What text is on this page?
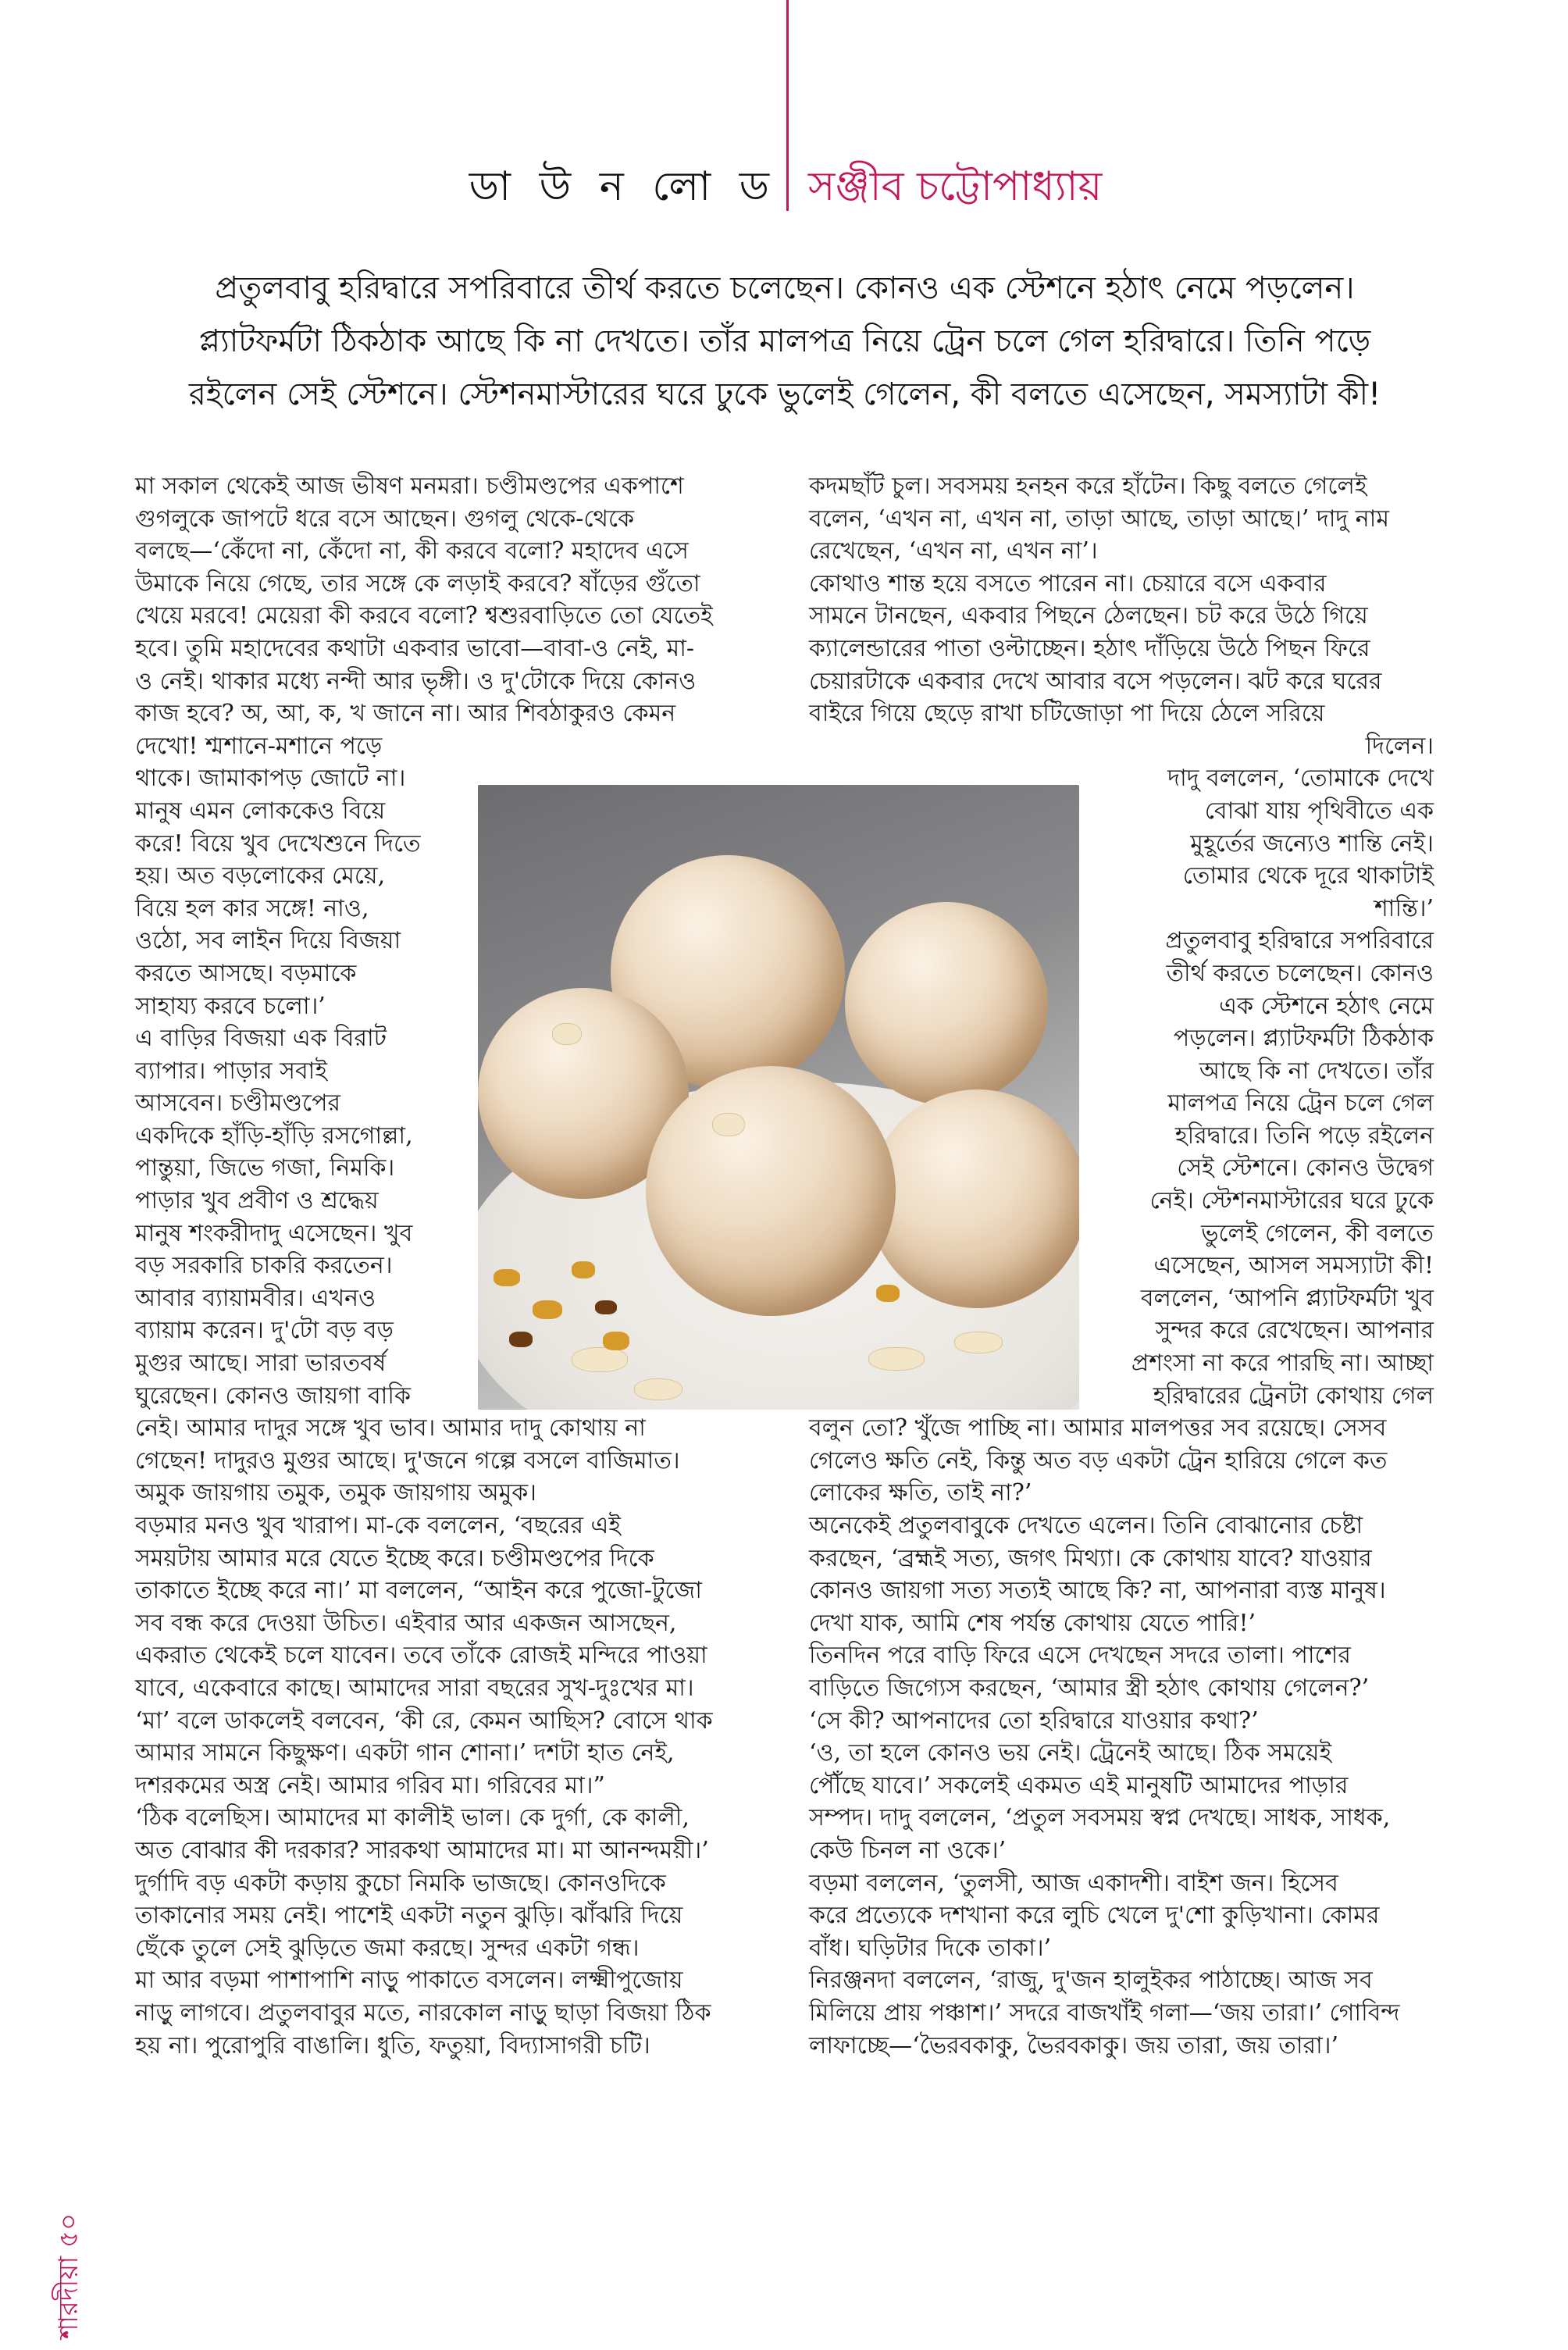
ডা উ ন লো ড সঞ্জীব চট্টোপাধ্যায়

প্রতুলবাবু হরিদ্বারে সপরিবারে তীর্থ করতে চলেছেন। কোনও এক স্টেশনে হঠাৎ নেমে পড়লেন।

প্ল্যাটফর্মটা ঠিকঠাক আছে কি না দেখতে। তাঁর মালপত্র নিয়ে ট্রেন চলে গেল হরিদ্বারে। তিনি পড়ে

রইলেন সেই স্টেশনে। স্টেশনমাস্টারের ঘরে ঢুকে ভুলেই গেলেন, কী বলতে এসেছেন, সমস্যাটা কী!

মা সকাল থেকেই আজ ভীষণ মনমরা। চণ্ডীমণ্ডপের একপাশে

গুগলুকে জাপটে ধরে বসে আছেন। গুগলু থেকে-থেকে

বলছে—‘কেঁদো না, কেঁদো না, কী করবে বলো? মহাদেব এসে

উমাকে নিয়ে গেছে, তার সঙ্গে কে লড়াই করবে? ষাঁড়ের গুঁতো

খেয়ে মরবে! মেয়েরা কী করবে বলো? শ্বশুরবাড়িতে তো যেতেই

হবে। তুমি মহাদেবের কথাটা একবার ভাবো—বাবা-ও নেই, মা-

ও নেই। থাকার মধ্যে নন্দী আর ভৃঙ্গী। ও দু'টোকে দিয়ে কোনও

কাজ হবে? অ, আ, ক, খ জানে না। আর শিবঠাকুরও কেমন

দেখো! শ্মশানে-মশানে পড়ে

থাকে। জামাকাপড় জোটে না।

মানুষ এমন লোককেও বিয়ে

করে! বিয়ে খুব দেখেশুনে দিতে

হয়। অত বড়লোকের মেয়ে,

বিয়ে হল কার সঙ্গে! নাও,

ওঠো, সব লাইন দিয়ে বিজয়া

করতে আসছে। বড়মাকে

সাহায্য করবে চলো।’

এ বাড়ির বিজয়া এক বিরাট

ব্যাপার। পাড়ার সবাই

আসবেন। চণ্ডীমণ্ডপের

একদিকে হাঁড়ি-হাঁড়ি রসগোল্লা,

পান্তুয়া, জিভে গজা, নিমকি।

পাড়ার খুব প্রবীণ ও শ্রদ্ধেয়

মানুষ শংকরীদাদু এসেছেন। খুব

বড় সরকারি চাকরি করতেন।

আবার ব্যায়ামবীর। এখনও

ব্যায়াম করেন। দু'টো বড় বড়

মুগুর আছে। সারা ভারতবর্ষ

ঘুরেছেন। কোনও জায়গা বাকি

নেই। আমার দাদুর সঙ্গে খুব ভাব। আমার দাদু কোথায় না

গেছেন! দাদুরও মুগুর আছে। দু'জনে গল্পে বসলে বাজিমাত।

অমুক জায়গায় তমুক, তমুক জায়গায় অমুক।

বড়মার মনও খুব খারাপ। মা-কে বললেন, ‘বছরের এই

সময়টায় আমার মরে যেতে ইচ্ছে করে। চণ্ডীমণ্ডপের দিকে

তাকাতে ইচ্ছে করে না।’ মা বললেন, “আইন করে পুজো-টুজো

সব বন্ধ করে দেওয়া উচিত। এইবার আর একজন আসছেন,

একরাত থেকেই চলে যাবেন। তবে তাঁকে রোজই মন্দিরে পাওয়া

যাবে, একেবারে কাছে। আমাদের সারা বছরের সুখ-দুঃখের মা।

‘মা’ বলে ডাকলেই বলবেন, ‘কী রে, কেমন আছিস? বোসে থাক

আমার সামনে কিছুক্ষণ। একটা গান শোনা।’ দশটা হাত নেই,

দশরকমের অস্ত্র নেই। আমার গরিব মা। গরিবের মা।”

‘ঠিক বলেছিস। আমাদের মা কালীই ভাল। কে দুর্গা, কে কালী,

অত বোঝার কী দরকার? সারকথা আমাদের মা। মা আনন্দময়ী।’

দুর্গাদি বড় একটা কড়ায় কুচো নিমকি ভাজছে। কোনওদিকে

তাকানোর সময় নেই। পাশেই একটা নতুন ঝুড়ি। ঝাঁঝরি দিয়ে

ছেঁকে তুলে সেই ঝুড়িতে জমা করছে। সুন্দর একটা গন্ধ।

মা আর বড়মা পাশাপাশি নাড়ু পাকাতে বসলেন। লক্ষ্মীপুজোয়

নাড়ু লাগবে। প্রতুলবাবুর মতে, নারকোল নাড়ু ছাড়া বিজয়া ঠিক

হয় না। পুরোপুরি বাঙালি। ধুতি, ফতুয়া, বিদ্যাসাগরী চটি।

কদমছাঁট চুল। সবসময় হনহন করে হাঁটেন। কিছু বলতে গেলেই

বলেন, ‘এখন না, এখন না, তাড়া আছে, তাড়া আছে।’ দাদু নাম

রেখেছেন, ‘এখন না, এখন না’।

কোথাও শান্ত হয়ে বসতে পারেন না। চেয়ারে বসে একবার

সামনে টানছেন, একবার পিছনে ঠেলছেন। চট করে উঠে গিয়ে

ক্যালেন্ডারের পাতা ওল্টাচ্ছেন। হঠাৎ দাঁড়িয়ে উঠে পিছন ফিরে

চেয়ারটাকে একবার দেখে আবার বসে পড়লেন। ঝট করে ঘরের

বাইরে গিয়ে ছেড়ে রাখা চটিজোড়া পা দিয়ে ঠেলে সরিয়ে

দিলেন।

দাদু বললেন, ‘তোমাকে দেখে

বোঝা যায় পৃথিবীতে এক

মুহূর্তের জন্যেও শান্তি নেই।

তোমার থেকে দূরে থাকাটাই

শান্তি।’

প্রতুলবাবু হরিদ্বারে সপরিবারে

তীর্থ করতে চলেছেন। কোনও

এক স্টেশনে হঠাৎ নেমে

পড়লেন। প্ল্যাটফর্মটা ঠিকঠাক

আছে কি না দেখতে। তাঁর

মালপত্র নিয়ে ট্রেন চলে গেল

হরিদ্বারে। তিনি পড়ে রইলেন

সেই স্টেশনে। কোনও উদ্বেগ

নেই। স্টেশনমাস্টারের ঘরে ঢুকে

ভুলেই গেলেন, কী বলতে

এসেছেন, আসল সমস্যাটা কী!

বললেন, ‘আপনি প্ল্যাটফর্মটা খুব

সুন্দর করে রেখেছেন। আপনার

প্রশংসা না করে পারছি না। আচ্ছা

হরিদ্বারের ট্রেনটা কোথায় গেল

বলুন তো? খুঁজে পাচ্ছি না। আমার মালপত্তর সব রয়েছে। সেসব

গেলেও ক্ষতি নেই, কিন্তু অত বড় একটা ট্রেন হারিয়ে গেলে কত

লোকের ক্ষতি, তাই না?’

অনেকেই প্রতুলবাবুকে দেখতে এলেন। তিনি বোঝানোর চেষ্টা

করছেন, ‘ব্রহ্মই সত্য, জগৎ মিথ্যা। কে কোথায় যাবে? যাওয়ার

কোনও জায়গা সত্য সত্যই আছে কি? না, আপনারা ব্যস্ত মানুষ।

দেখা যাক, আমি শেষ পর্যন্ত কোথায় যেতে পারি!’

তিনদিন পরে বাড়ি ফিরে এসে দেখছেন সদরে তালা। পাশের

বাড়িতে জিগ্যেস করছেন, ‘আমার স্ত্রী হঠাৎ কোথায় গেলেন?’

‘সে কী? আপনাদের তো হরিদ্বারে যাওয়ার কথা?’

‘ও, তা হলে কোনও ভয় নেই। ট্রেনেই আছে। ঠিক সময়েই

পৌঁছে যাবে।’ সকলেই একমত এই মানুষটি আমাদের পাড়ার

সম্পদ। দাদু বললেন, ‘প্রতুল সবসময় স্বপ্ন দেখছে। সাধক, সাধক,

কেউ চিনল না ওকে।’

বড়মা বললেন, ‘তুলসী, আজ একাদশী। বাইশ জন। হিসেব

করে প্রত্যেকে দশখানা করে লুচি খেলে দু'শো কুড়িখানা। কোমর

বাঁধ। ঘড়িটার দিকে তাকা।’

নিরঞ্জনদা বললেন, ‘রাজু, দু'জন হালুইকর পাঠাচ্ছে। আজ সব

মিলিয়ে প্রায় পঞ্চাশ।’ সদরে বাজখাঁই গলা—‘জয় তারা।’ গোবিন্দ

লাফাচ্ছে—‘ভৈরবকাকু, ভৈরবকাকু। জয় তারা, জয় তারা।’

শারদীয়া ৫০
